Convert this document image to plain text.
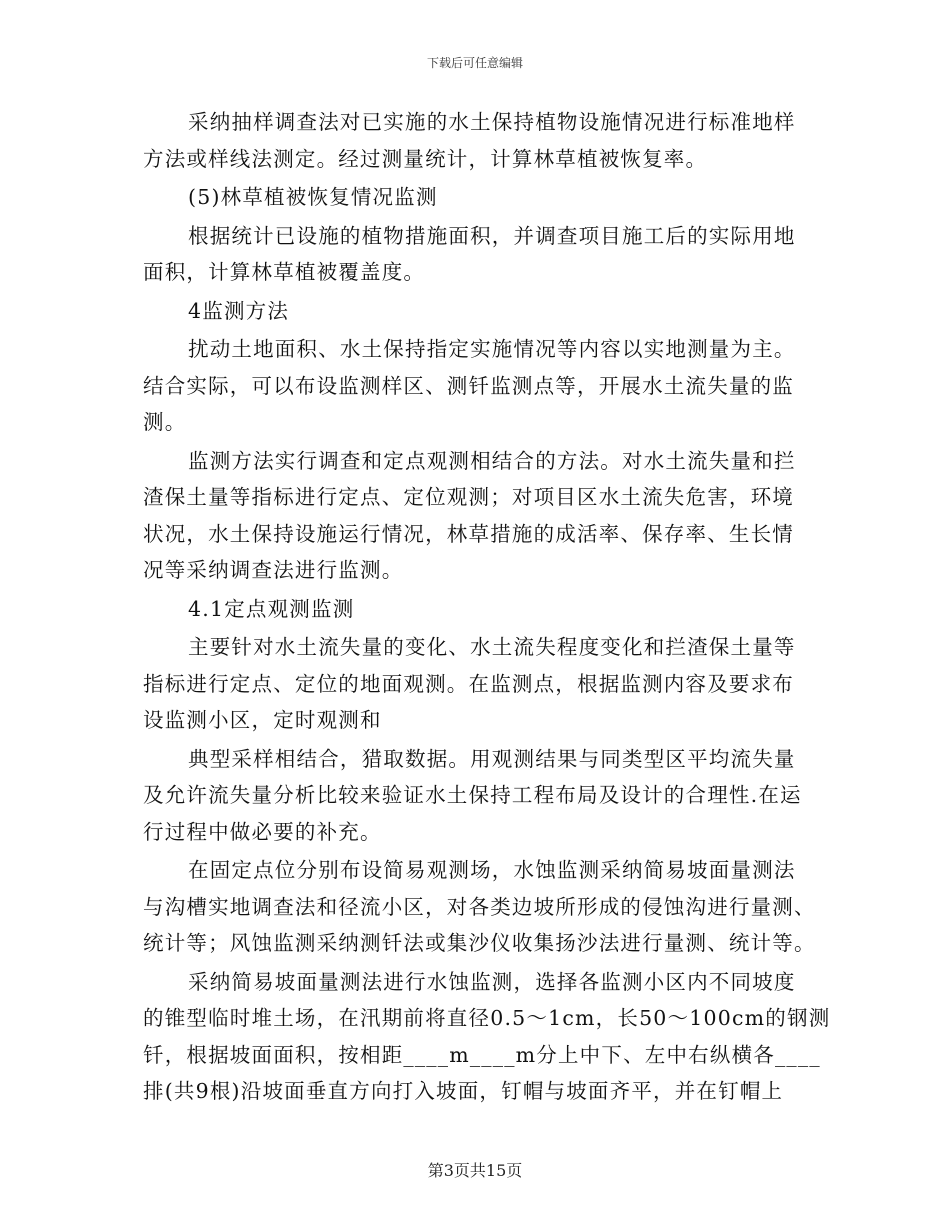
下载后可任意编辑
采纳抽样调查法对已实施的水土保持植物设施情况进行标准地样
方法或样线法测定。经过测量统计，计算林草植被恢复率。
(5)林草植被恢复情况监测
根据统计已设施的植物措施面积，并调查项目施工后的实际用地
面积，计算林草植被覆盖度。
4监测方法
扰动土地面积、水土保持指定实施情况等内容以实地测量为主。
结合实际，可以布设监测样区、测钎监测点等，开展水土流失量的监
测。
监测方法实行调查和定点观测相结合的方法。对水土流失量和拦
渣保土量等指标进行定点、定位观测；对项目区水土流失危害，环境
状况，水土保持设施运行情况，林草措施的成活率、保存率、生长情
况等采纳调查法进行监测。
4.1定点观测监测
主要针对水土流失量的变化、水土流失程度变化和拦渣保土量等
指标进行定点、定位的地面观测。在监测点，根据监测内容及要求布
设监测小区，定时观测和
典型采样相结合，猎取数据。用观测结果与同类型区平均流失量
及允许流失量分析比较来验证水土保持工程布局及设计的合理性.在运
行过程中做必要的补充。
在固定点位分别布设简易观测场，水蚀监测采纳简易坡面量测法
与沟槽实地调查法和径流小区，对各类边坡所形成的侵蚀沟进行量测、
统计等；风蚀监测采纳测钎法或集沙仪收集扬沙法进行量测、统计等。
采纳简易坡面量测法进行水蚀监测，选择各监测小区内不同坡度
的锥型临时堆土场，在汛期前将直径0.5～1cm，长50～100cm的钢测
钎，根据坡面面积，按相距____m____m分上中下、左中右纵横各____
排(共9根)沿坡面垂直方向打入坡面，钉帽与坡面齐平，并在钉帽上
第3页共15页
